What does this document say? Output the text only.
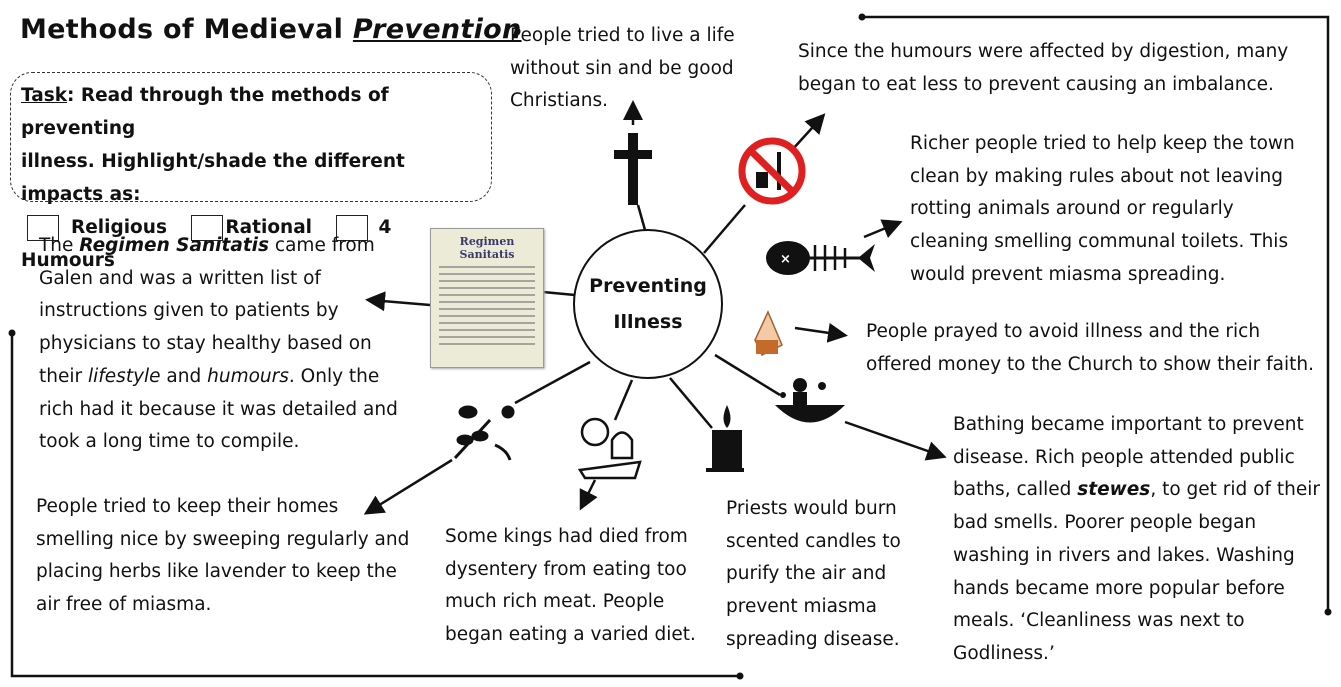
×
Methods of Medieval Prevention
Task: Read through the methods of preventing
illness. Highlight/shade the different impacts as:
Religious	Rational	4 Humours
Preventing
Illness
R​egimen Sanitatis
People tried to live a life
without sin and be good
Christians.
Since the humours were affected by digestion, many
began to eat less to prevent causing an imbalance.
Richer people tried to help keep the town
clean by making rules about not leaving
rotting animals around or regularly
cleaning smelling communal toilets. This
would prevent miasma spreading.
People prayed to avoid illness and the rich
offered money to the Church to show their faith.
Bathing became important to prevent
disease. Rich people attended public
baths, called stewes, to get rid of their
bad smells. Poorer people began
washing in rivers and lakes. Washing
hands became more popular before
meals. ‘Cleanliness was next to
Godliness.’
Priests would burn
scented candles to
purify the air and
prevent miasma
spreading disease.
Some kings had died from
dysentery from eating too
much rich meat. People
began eating a varied diet.
People tried to keep their homes
smelling nice by sweeping regularly and
placing herbs like lavender to keep the
air free of miasma.
The Regimen Sanitatis came from
Galen and was a written list of
instructions given to patients by
physicians to stay healthy based on
their lifestyle and humours. Only the
rich had it because it was detailed and
took a long time to compile.
